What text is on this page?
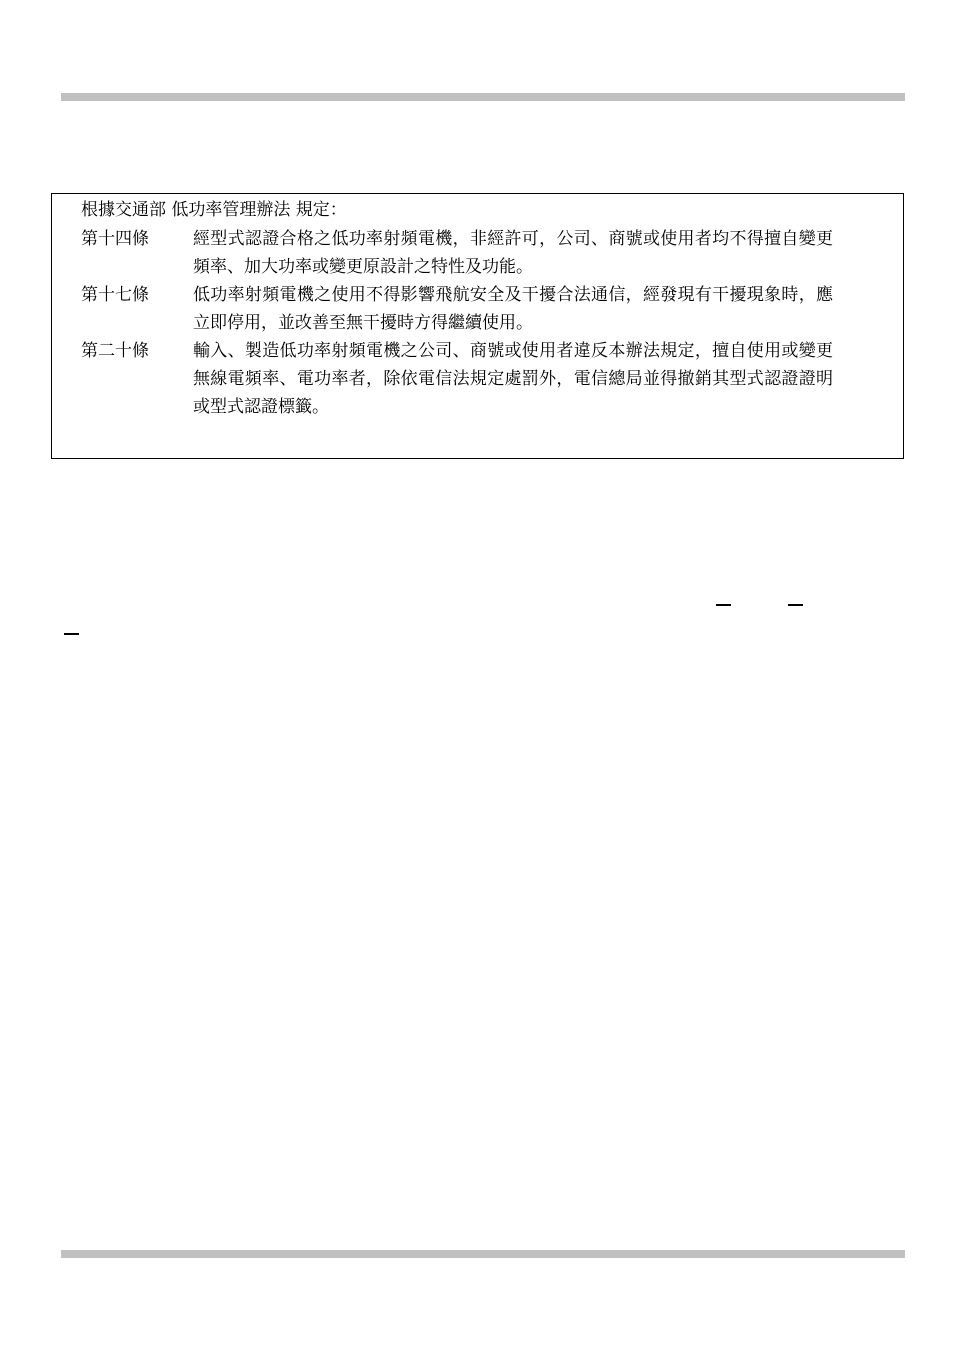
根據交通部 低功率管理辦法 規定：
第十四條	經型式認證合格之低功率射頻電機，非經許可，公司、商號或使用者均不得擅自變更頻率、加大功率或變更原設計之特性及功能。
第十七條	低功率射頻電機之使用不得影響飛航安全及干擾合法通信，經發現有干擾現象時，應立即停用，並改善至無干擾時方得繼續使用。
第二十條	輸入、製造低功率射頻電機之公司、商號或使用者違反本辦法規定，擅自使用或變更無線電頻率、電功率者，除依電信法規定處罰外，電信總局並得撤銷其型式認證證明或型式認證標籤。
